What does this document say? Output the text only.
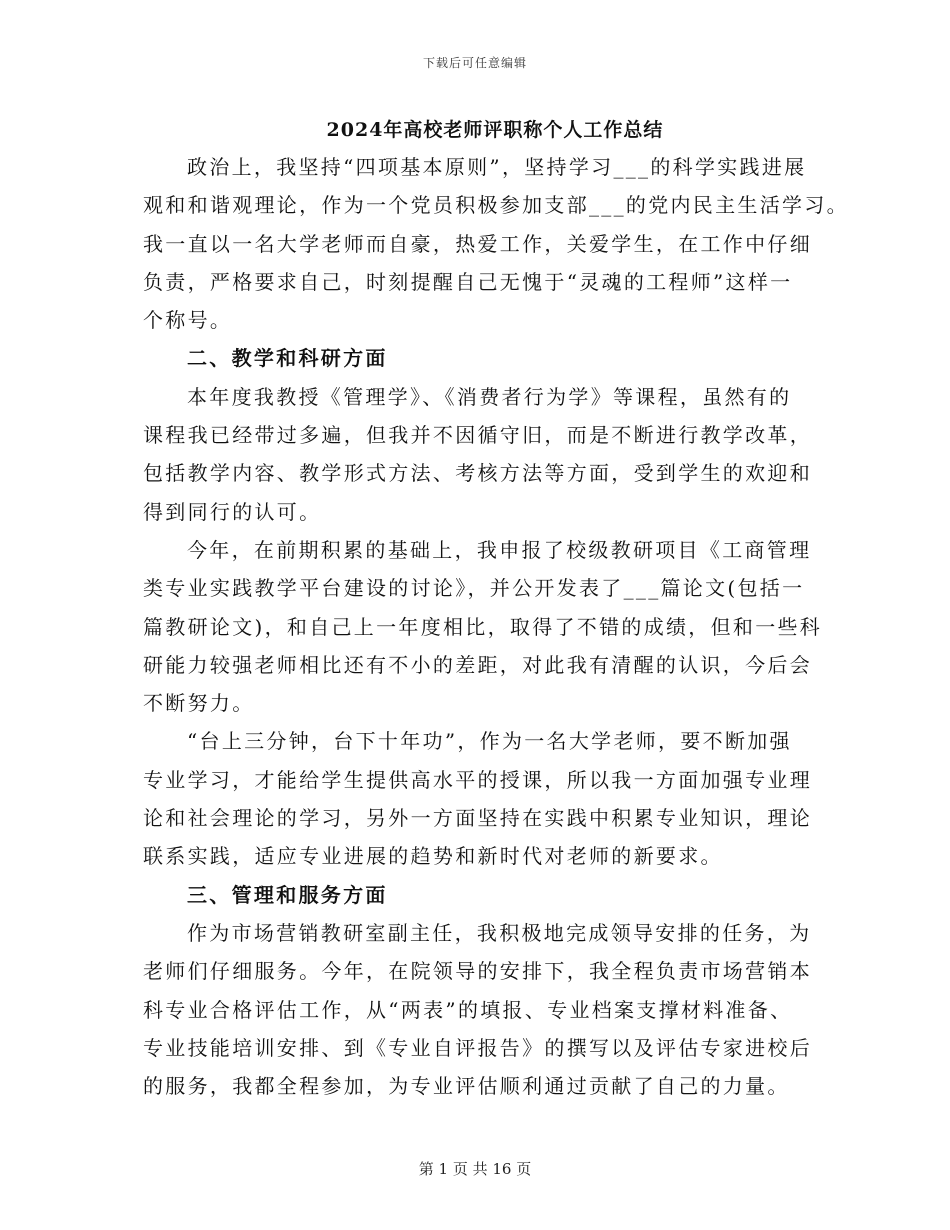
下载后可任意编辑
2024年高校老师评职称个人工作总结
政治上，我坚持“四项基本原则”，坚持学习___的科学实践进展
观和和谐观理论，作为一个党员积极参加支部___的党内民主生活学习。
我一直以一名大学老师而自豪，热爱工作，关爱学生，在工作中仔细
负责，严格要求自己，时刻提醒自己无愧于“灵魂的工程师”这样一
个称号。
二、教学和科研方面
本年度我教授《管理学》、《消费者行为学》等课程，虽然有的
课程我已经带过多遍，但我并不因循守旧，而是不断进行教学改革，
包括教学内容、教学形式方法、考核方法等方面，受到学生的欢迎和
得到同行的认可。
今年，在前期积累的基础上，我申报了校级教研项目《工商管理
类专业实践教学平台建设的讨论》，并公开发表了___篇论文(包括一
篇教研论文)，和自己上一年度相比，取得了不错的成绩，但和一些科
研能力较强老师相比还有不小的差距，对此我有清醒的认识，今后会
不断努力。
“台上三分钟，台下十年功”，作为一名大学老师，要不断加强
专业学习，才能给学生提供高水平的授课，所以我一方面加强专业理
论和社会理论的学习，另外一方面坚持在实践中积累专业知识，理论
联系实践，适应专业进展的趋势和新时代对老师的新要求。
三、管理和服务方面
作为市场营销教研室副主任，我积极地完成领导安排的任务，为
老师们仔细服务。今年，在院领导的安排下，我全程负责市场营销本
科专业合格评估工作，从“两表”的填报、专业档案支撑材料准备、
专业技能培训安排、到《专业自评报告》的撰写以及评估专家进校后
的服务，我都全程参加，为专业评估顺利通过贡献了自己的力量。
第 1 页 共 16 页
